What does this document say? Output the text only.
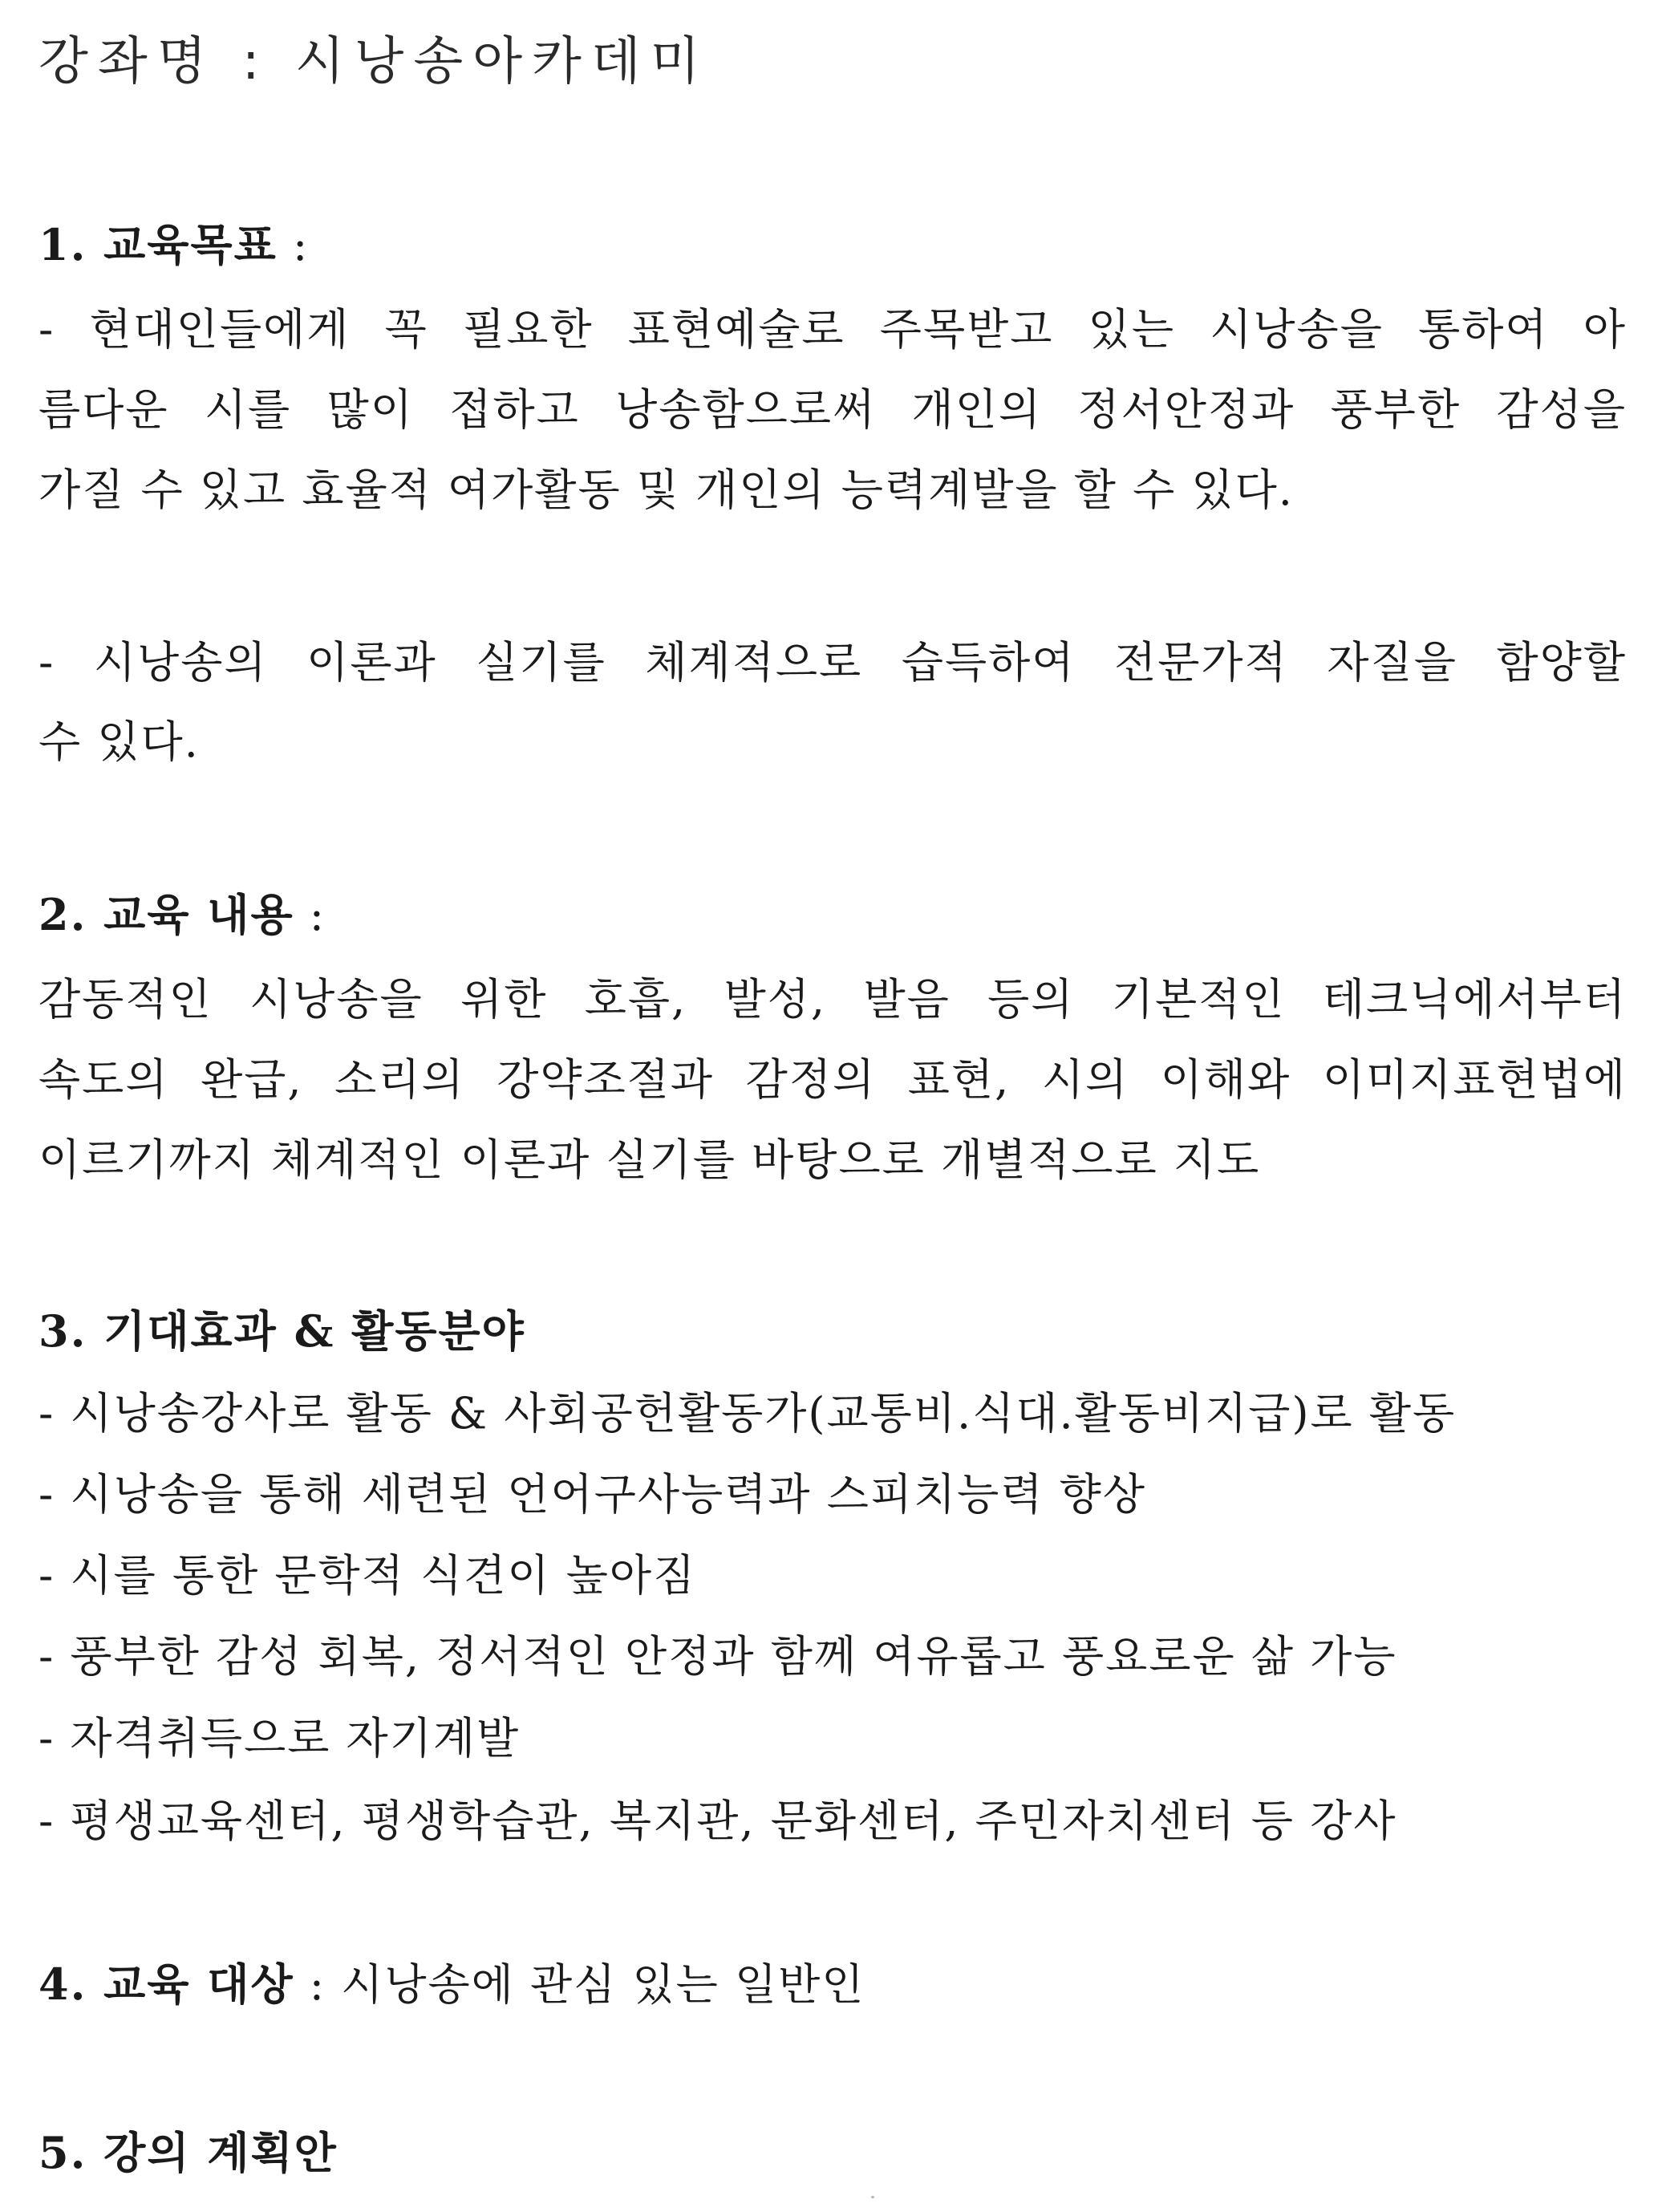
강좌명 : 시낭송아카데미
1. 교육목표 :
- 현대인들에게 꼭 필요한 표현예술로 주목받고 있는 시낭송을 통하여 아
름다운 시를 많이 접하고 낭송함으로써 개인의 정서안정과 풍부한 감성을
가질 수 있고 효율적 여가활동 및 개인의 능력계발을 할 수 있다.
- 시낭송의 이론과 실기를 체계적으로 습득하여 전문가적 자질을 함양할
수 있다.
2. 교육 내용 :
감동적인 시낭송을 위한 호흡, 발성, 발음 등의 기본적인 테크닉에서부터
속도의 완급, 소리의 강약조절과 감정의 표현, 시의 이해와 이미지표현법에
이르기까지 체계적인 이론과 실기를 바탕으로 개별적으로 지도
3. 기대효과 & 활동분야
- 시낭송강사로 활동 & 사회공헌활동가(교통비.식대.활동비지급)로 활동
- 시낭송을 통해 세련된 언어구사능력과 스피치능력 향상
- 시를 통한 문학적 식견이 높아짐
- 풍부한 감성 회복, 정서적인 안정과 함께 여유롭고 풍요로운 삶 가능
- 자격취득으로 자기계발
- 평생교육센터, 평생학습관, 복지관, 문화센터, 주민자치센터 등 강사
4. 교육 대상 : 시낭송에 관심 있는 일반인
5. 강의 계획안
